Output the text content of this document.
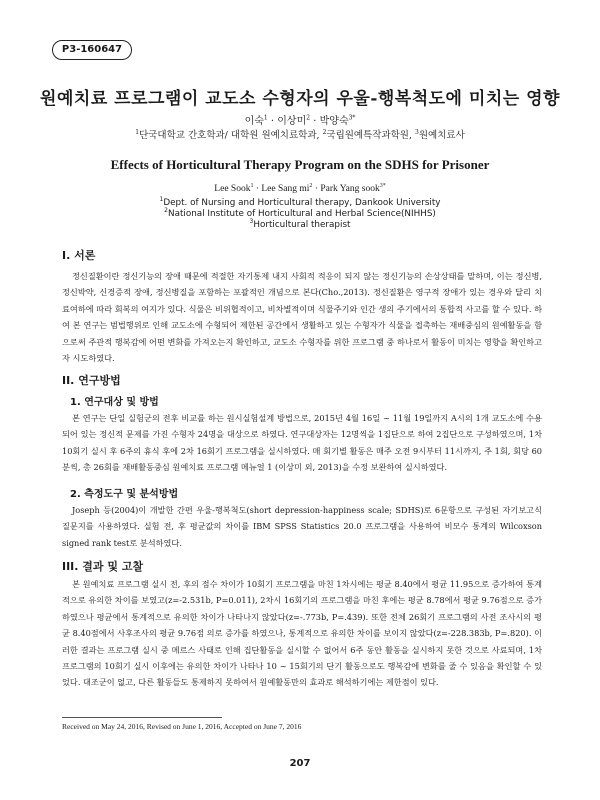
P3-160647
원예치료 프로그램이 교도소 수형자의 우울-행복척도에 미치는 영향
이숙$^1$ · 이상미$^2$ · 박양숙$^{3*}$
$^1$단국대학교 간호학과/ 대학원 원예치료학과, $^2$국립원예특작과학원, $^3$원예치료사
Effects of Horticultural Therapy Program on the SDHS for Prisoner
Lee Sook$^1$ · Lee Sang $mi^2$ · Park Yang sook$^{3*}$
$^1$Dept. of Nursing and Horticultural therapy, Dankook University
$^2$National Institute of Horticultural and Herbal Science(NIHHS)
$^3$Horticultural therapist
I. 서론

정신질환이란 정신기능의 장애 때문에 적절한 자기통제 내지 사회적 적응이 되지 않는 정신기능의 손상상태를 말하며, 이는 정신병, 정신박약, 신경증적 장애, 정신병질을 포함하는 포괄적인 개념으로 본다(Cho.,2013). 정신질환은 영구적 장애가 있는 경우와 달리 치료여하에 따라 회복의 여지가 있다. 식물은 비위협적이고, 비차별적이며 식물주기와 인간 생의 주기에서의 통합적 사고를 할 수 있다. 하여 본 연구는 범법행위로 인해 교도소에 수형되어 제한된 공간에서 생활하고 있는 수형자가 식물을 접촉하는 재배중심의 원예활동을 함으로써 주관적 행복감에 어떤 변화를 가져오는지 확인하고, 교도소 수형자를 위한 프로그램 중 하나로서 활동이 미치는 영향을 확인하고자 시도하였다.

II. 연구방법
1. 연구대상 및 방법

본 연구는 단일 실험군의 전후 비교를 하는 원시실험설계 방법으로, 2015년 4월 16일 ~ 11월 19일까지 A시의 1개 교도소에 수용되어 있는 정신적 문제를 가진 수형자 24명을 대상으로 하였다. 연구대상자는 12명씩을 1집단으로 하여 2집단으로 구성하였으며, 1차 10회기 실시 후 6주의 휴식 후에 2차 16회기 프로그램을 실시하였다. 매 회기별 활동은 매주 오전 9시부터 11시까지, 주 1회, 회당 60분씩, 총 26회를 재배활동중심 원예치료 프로그램 메뉴얼 1 (이상미 외, 2013)을 수정 보완하여 실시하였다.

2. 측정도구 및 분석방법

Joseph 등(2004)이 개발한 간편 우울-행복척도(short depression-happiness scale; SDHS)로 6문항으로 구성된 자기보고식 질문지를 사용하였다. 실험 전, 후 평균값의 차이를 IBM SPSS Statistics 20.0 프로그램을 사용하여 비모수 통계의 Wilcoxson signed rank test로 분석하였다.

III. 결과 및 고찰

본 원예치료 프로그램 실시 전, 후의 점수 차이가 10회기 프로그램을 마친 1차시에는 평균 8.40에서 평균 11.95으로 증가하여 통계적으로 유의한 차이를 보였고(z=-2.531b, P=0.011), 2차시 16회기의 프로그램을 마친 후에는 평균 8.78에서 평균 9.76점으로 증가하였으나 평균에서 통계적으로 유의한 차이가 나타나지 않았다(z=-.773b, P=.439). 또한 전체 26회기 프로그램의 사전 조사시의 평균 8.40점에서 사후조사의 평균 9.76점 의로 증가를 하였으나, 통계적으로 유의한 차이를 보이지 않았다(z=-228.383b, P=.820). 이러한 결과는 프로그램 실시 중 메르스 사태로 인해 집단활동을 실시할 수 없어서 6주 동안 활동을 실시하지 못한 것으로 사료되며, 1차 프로그램의 10회기 실시 이후에는 유의한 차이가 나타나 10 ~ 15회기의 단기 활동으로도 행복감에 변화를 줄 수 있음을 확인할 수 있었다. 대조군이 없고, 다른 활동들도 통제하지 못하여서 원예활동만의 효과로 해석하기에는 제한점이 있다.

Received on May 24, 2016, Revised on June 1, 2016, Accepted on June 7, 2016
207
